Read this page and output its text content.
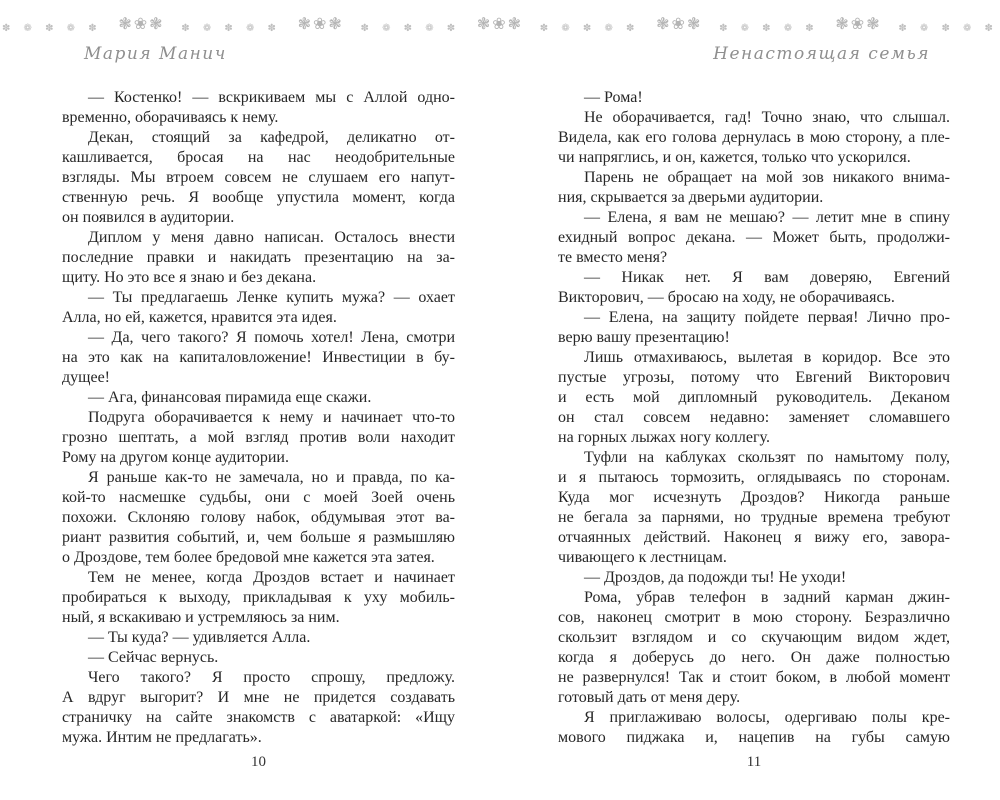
✽ ❁ ✽ ❁ ✽ ❃❀❃ ✽ ❁ ✽ ❁ ✽ ❃❀❃ ✽ ❁ ✽ ❁ ✽ ❃❀❃ ✽ ❁ ✽ ❁ ✽ ❃❀❃ ✽ ❁ ✽ ❁ ✽ ❃❀❃ ✽ ❁ ✽ ❁ ✽
Мария Манич	Ненастоящая семья
— Костенко! — вскрикиваем мы с Аллой одно-
временно, оборачиваясь к нему.
Декан, стоящий за кафедрой, деликатно от-
кашливается, бросая на нас неодобрительные
взгляды. Мы втроем совсем не слушаем его напут-
ственную речь. Я вообще упустила момент, когда
он появился в аудитории.
Диплом у меня давно написан. Осталось внести
последние правки и накидать презентацию на за-
щиту. Но это все я знаю и без декана.
— Ты предлагаешь Ленке купить мужа? — охает
Алла, но ей, кажется, нравится эта идея.
— Да, чего такого? Я помочь хотел! Лена, смотри
на это как на капиталовложение! Инвестиции в бу-
дущее!
— Ага, финансовая пирамида еще скажи.
Подруга оборачивается к нему и начинает что-то
грозно шептать, а мой взгляд против воли находит
Рому на другом конце аудитории.
Я раньше как-то не замечала, но и правда, по ка-
кой-то насмешке судьбы, они с моей Зоей очень
похожи. Склоняю голову набок, обдумывая этот ва-
риант развития событий, и, чем больше я размышляю
о Дроздове, тем более бредовой мне кажется эта затея.
Тем не менее, когда Дроздов встает и начинает
пробираться к выходу, прикладывая к уху мобиль-
ный, я вскакиваю и устремляюсь за ним.
— Ты куда? — удивляется Алла.
— Сейчас вернусь.
Чего такого? Я просто спрошу, предложу.
А вдруг выгорит? И мне не придется создавать
страничку на сайте знакомств с аватаркой: «Ищу
мужа. Интим не предлагать».
— Рома!
Не оборачивается, гад! Точно знаю, что слышал.
Видела, как его голова дернулась в мою сторону, а пле-
чи напряглись, и он, кажется, только что ускорился.
Парень не обращает на мой зов никакого внима-
ния, скрывается за дверьми аудитории.
— Елена, я вам не мешаю? — летит мне в спину
ехидный вопрос декана. — Может быть, продолжи-
те вместо меня?
— Никак нет. Я вам доверяю, Евгений
Викторович, — бросаю на ходу, не оборачиваясь.
— Елена, на защиту пойдете первая! Лично про-
верю вашу презентацию!
Лишь отмахиваюсь, вылетая в коридор. Все это
пустые угрозы, потому что Евгений Викторович
и есть мой дипломный руководитель. Деканом
он стал совсем недавно: заменяет сломавшего
на горных лыжах ногу коллегу.
Туфли на каблуках скользят по намытому полу,
и я пытаюсь тормозить, оглядываясь по сторонам.
Куда мог исчезнуть Дроздов? Никогда раньше
не бегала за парнями, но трудные времена требуют
отчаянных действий. Наконец я вижу его, завора-
чивающего к лестницам.
— Дроздов, да подожди ты! Не уходи!
Рома, убрав телефон в задний карман джин-
сов, наконец смотрит в мою сторону. Безразлично
скользит взглядом и со скучающим видом ждет,
когда я доберусь до него. Он даже полностью
не развернулся! Так и стоит боком, в любой момент
готовый дать от меня деру.
Я приглаживаю волосы, одергиваю полы кре-
мового пиджака и, нацепив на губы самую
10	11
